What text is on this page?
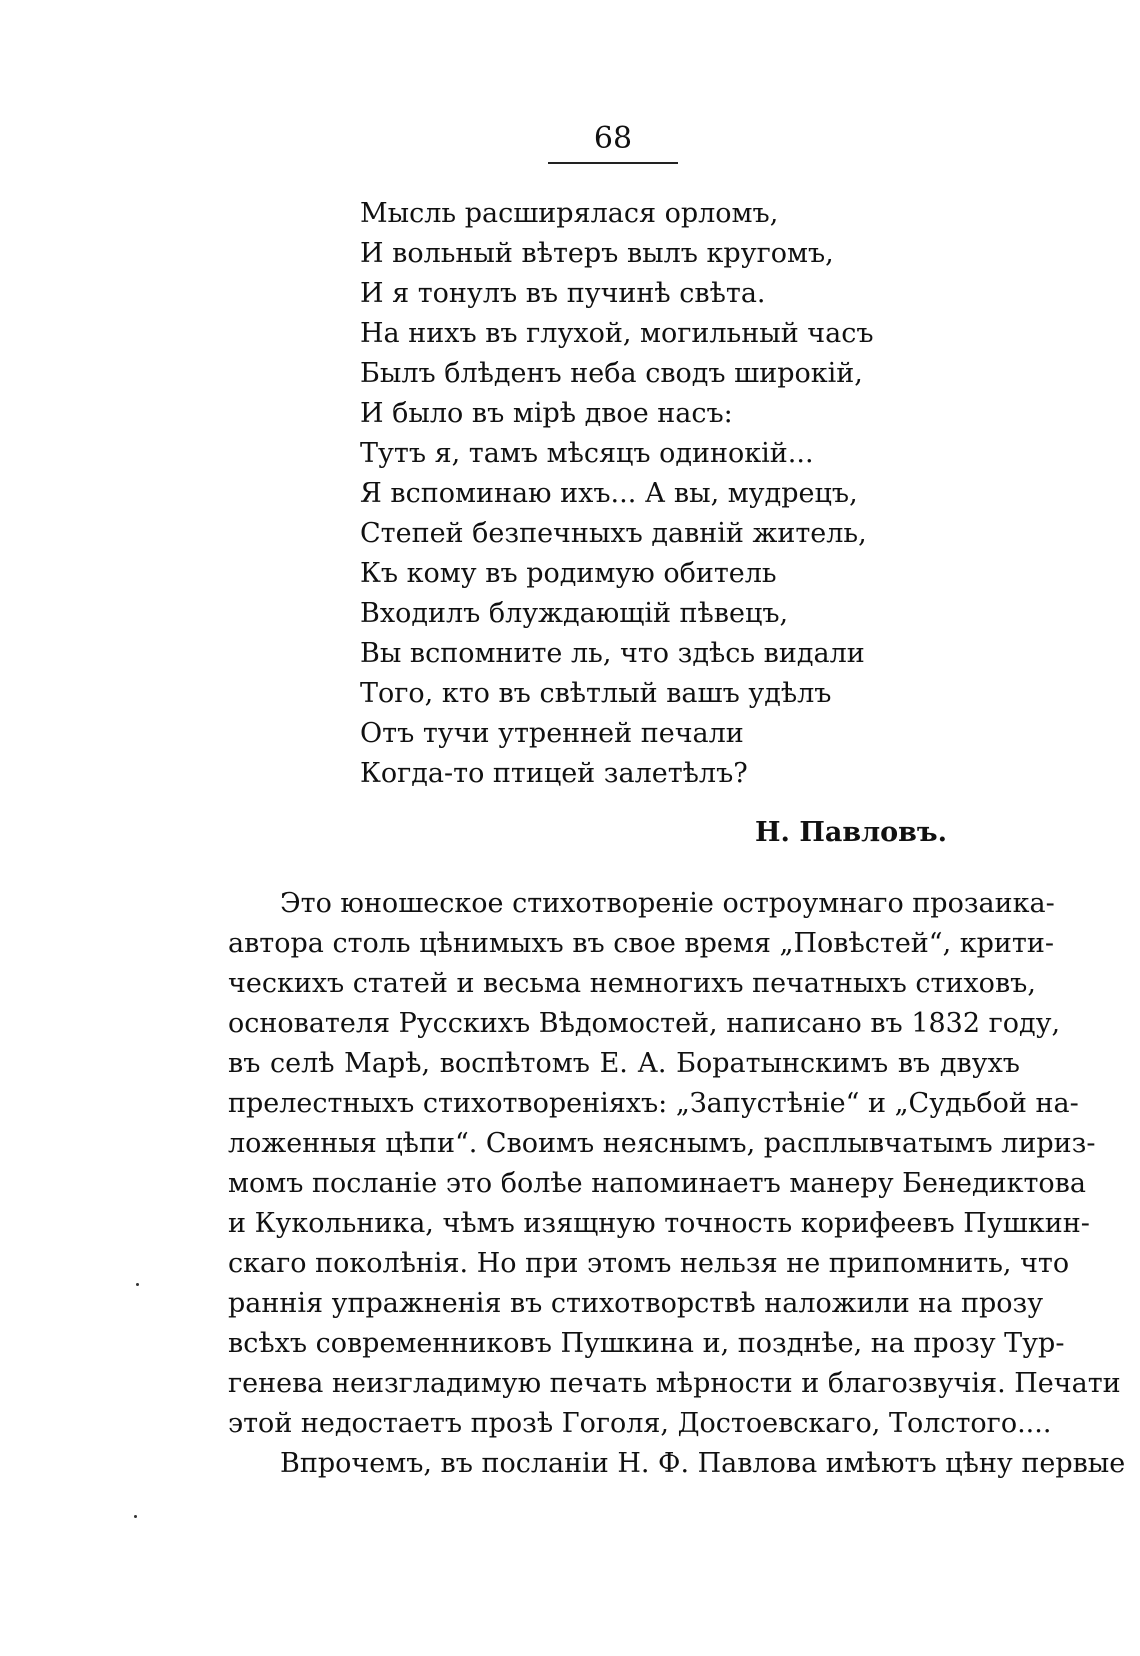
68
Мысль расширялася орломъ,
И вольный вѣтеръ вылъ кругомъ,
И я тонулъ въ пучинѣ свѣта.
На нихъ въ глухой, могильный часъ
Былъ блѣденъ неба сводъ широкiй,
И было въ мiрѣ двое насъ:
Тутъ я, тамъ мѣсяцъ одинокiй...
Я вспоминаю ихъ... А вы, мудрецъ,
Степей безпечныхъ давнiй житель,
Къ кому въ родимую обитель
Входилъ блуждающiй пѣвецъ,
Вы вспомните ль, что здѣсь видали
Того, кто въ свѣтлый вашъ удѣлъ
Отъ тучи утренней печали
Когда-то птицей залетѣлъ?
Н. Павловъ.
Это юношеское стихотворенiе остроумнаго прозаика-
автора столь цѣнимыхъ въ свое время „Повѣстей“, крити-
ческихъ статей и весьма немногихъ печатныхъ стиховъ,
основателя Русскихъ Вѣдомостей, написано въ 1832 году,
въ селѣ Марѣ, воспѣтомъ Е. А. Боратынскимъ въ двухъ
прелестныхъ стихотворенiяхъ: „Запустѣнiе“ и „Судьбой на-
ложенныя цѣпи“. Своимъ неяснымъ, расплывчатымъ лириз-
момъ посланiе это болѣе напоминаетъ манеру Бенедиктова
и Кукольника, чѣмъ изящную точность корифеевъ Пушкин-
скаго поколѣнiя. Но при этомъ нельзя не припомнить, что
раннiя упражненiя въ стихотворствѣ наложили на прозу
всѣхъ современниковъ Пушкина и, позднѣе, на прозу Тур-
генева неизгладимую печать мѣрности и благозвучiя. Печати
этой недостаетъ прозѣ Гоголя, Достоевскаго, Толстого....
Впрочемъ, въ посланiи Н. Ф. Павлова имѣютъ цѣну первые
